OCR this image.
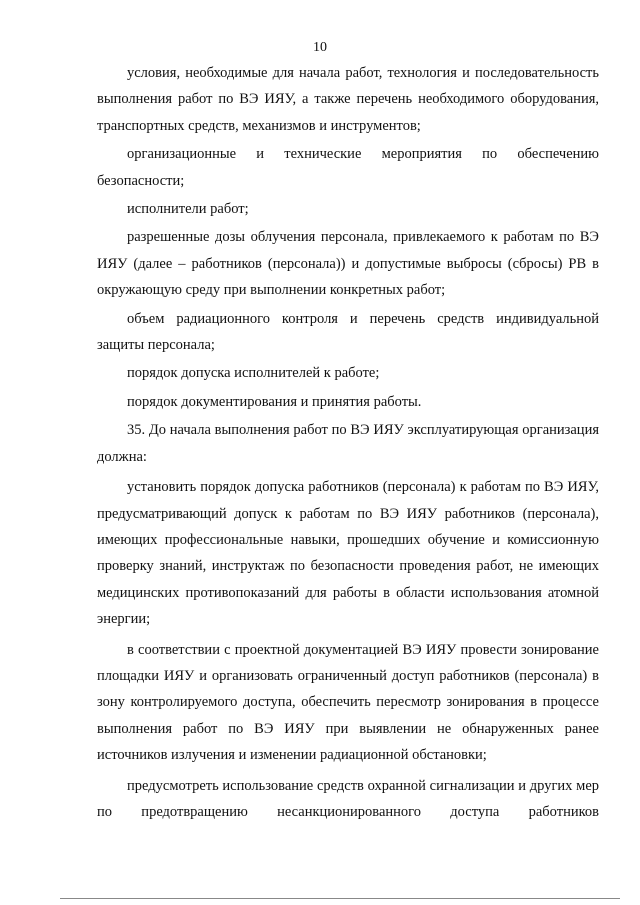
10

условия, необходимые для начала работ, технология и последовательность выполнения работ по ВЭ ИЯУ, а также перечень необходимого оборудования, транспортных средств, механизмов и инструментов;

организационные и технические мероприятия по обеспечению безопасности;

исполнители работ;

разрешенные дозы облучения персонала, привлекаемого к работам по ВЭ ИЯУ (далее – работников (персонала)) и допустимые выбросы (сбросы) РВ в окружающую среду при выполнении конкретных работ;

объем радиационного контроля и перечень средств индивидуальной защиты персонала;

порядок допуска исполнителей к работе;

порядок документирования и принятия работы.

35. До начала выполнения работ по ВЭ ИЯУ эксплуатирующая организация должна:

установить порядок допуска работников (персонала) к работам по ВЭ ИЯУ, предусматривающий допуск к работам по ВЭ ИЯУ работников (персонала), имеющих профессиональные навыки, прошедших обучение и комиссионную проверку знаний, инструктаж по безопасности проведения работ, не имеющих медицинских противопоказаний для работы в области использования атомной энергии;

в соответствии с проектной документацией ВЭ ИЯУ провести зонирование площадки ИЯУ и организовать ограниченный доступ работников (персонала) в зону контролируемого доступа, обеспечить пересмотр зонирования в процессе выполнения работ по ВЭ ИЯУ при выявлении не обнаруженных ранее источников излучения и изменении радиационной обстановки;

предусмотреть использование средств охранной сигнализации и других мер по предотвращению несанкционированного доступа работников
